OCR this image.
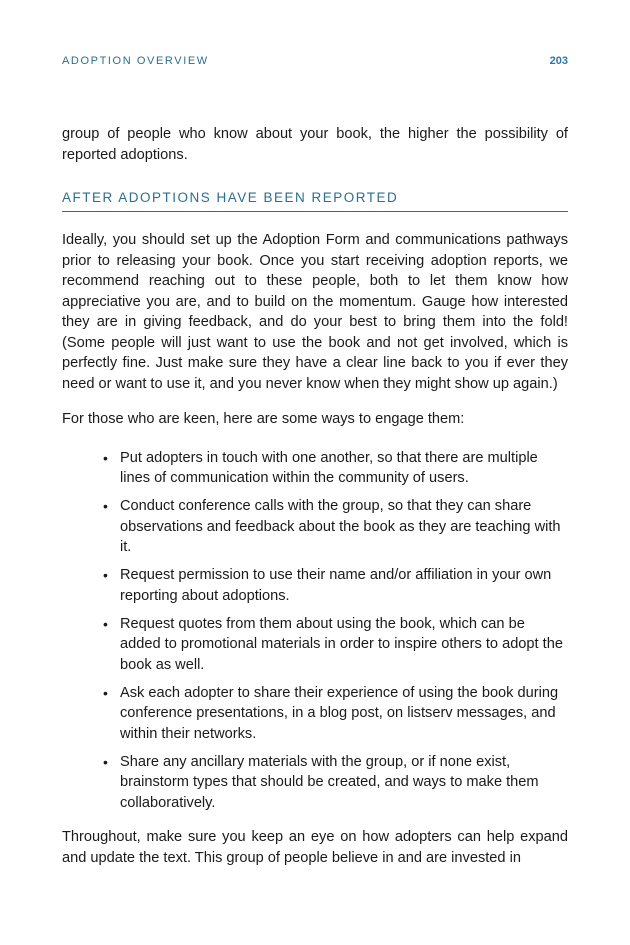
ADOPTION OVERVIEW	203

group of people who know about your book, the higher the possibility of reported adoptions.

AFTER ADOPTIONS HAVE BEEN REPORTED

Ideally, you should set up the Adoption Form and communications pathways prior to releasing your book. Once you start receiving adoption reports, we recommend reaching out to these people, both to let them know how appreciative you are, and to build on the momentum. Gauge how interested they are in giving feedback, and do your best to bring them into the fold! (Some people will just want to use the book and not get involved, which is perfectly fine. Just make sure they have a clear line back to you if ever they need or want to use it, and you never know when they might show up again.)

For those who are keen, here are some ways to engage them:

• Put adopters in touch with one another, so that there are multiple lines of communication within the community of users.
• Conduct conference calls with the group, so that they can share observations and feedback about the book as they are teaching with it.
• Request permission to use their name and/or affiliation in your own reporting about adoptions.
• Request quotes from them about using the book, which can be added to promotional materials in order to inspire others to adopt the book as well.
• Ask each adopter to share their experience of using the book during conference presentations, in a blog post, on listserv messages, and within their networks.
• Share any ancillary materials with the group, or if none exist, brainstorm types that should be created, and ways to make them collaboratively.

Throughout, make sure you keep an eye on how adopters can help expand and update the text. This group of people believe in and are invested in
